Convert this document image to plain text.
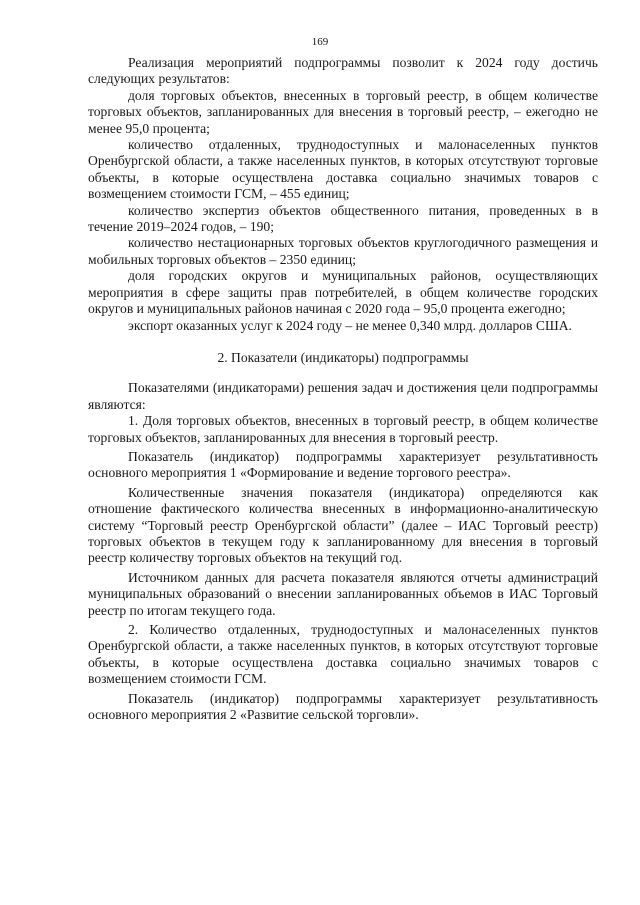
169

Реализация мероприятий подпрограммы позволит к 2024 году достичь следующих результатов:

доля торговых объектов, внесенных в торговый реестр, в общем количестве торговых объектов, запланированных для внесения в торговый реестр, – ежегодно не менее 95,0 процента;

количество отдаленных, труднодоступных и малонаселенных пунктов Оренбургской области, а также населенных пунктов, в которых отсутствуют торговые объекты, в которые осуществлена доставка социально значимых товаров с возмещением стоимости ГСМ, – 455 единиц;

количество экспертиз объектов общественного питания, проведенных в в течение 2019–2024 годов, – 190;

количество нестационарных торговых объектов круглогодичного размещения и мобильных торговых объектов – 2350 единиц;

доля городских округов и муниципальных районов, осуществляющих мероприятия в сфере защиты прав потребителей, в общем количестве городских округов и муниципальных районов начиная с 2020 года – 95,0 процента ежегодно;

экспорт оказанных услуг к 2024 году – не менее 0,340 млрд. долларов США.

2. Показатели (индикаторы) подпрограммы

Показателями (индикаторами) решения задач и достижения цели подпрограммы являются:

1. Доля торговых объектов, внесенных в торговый реестр, в общем количестве торговых объектов, запланированных для внесения в торговый реестр.

Показатель (индикатор) подпрограммы характеризует результативность основного мероприятия 1 «Формирование и ведение торгового реестра».

Количественные значения показателя (индикатора) определяются как отношение фактического количества внесенных в информационно-аналитическую систему “Торговый реестр Оренбургской области” (далее – ИАС Торговый реестр) торговых объектов в текущем году к запланированному для внесения в торговый реестр количеству торговых объектов на текущий год.

Источником данных для расчета показателя являются отчеты администраций муниципальных образований о внесении запланированных объемов в ИАС Торговый реестр по итогам текущего года.

2. Количество отдаленных, труднодоступных и малонаселенных пунктов Оренбургской области, а также населенных пунктов, в которых отсутствуют торговые объекты, в которые осуществлена доставка социально значимых товаров с возмещением стоимости ГСМ.

Показатель (индикатор) подпрограммы характеризует результативность основного мероприятия 2 «Развитие сельской торговли».
